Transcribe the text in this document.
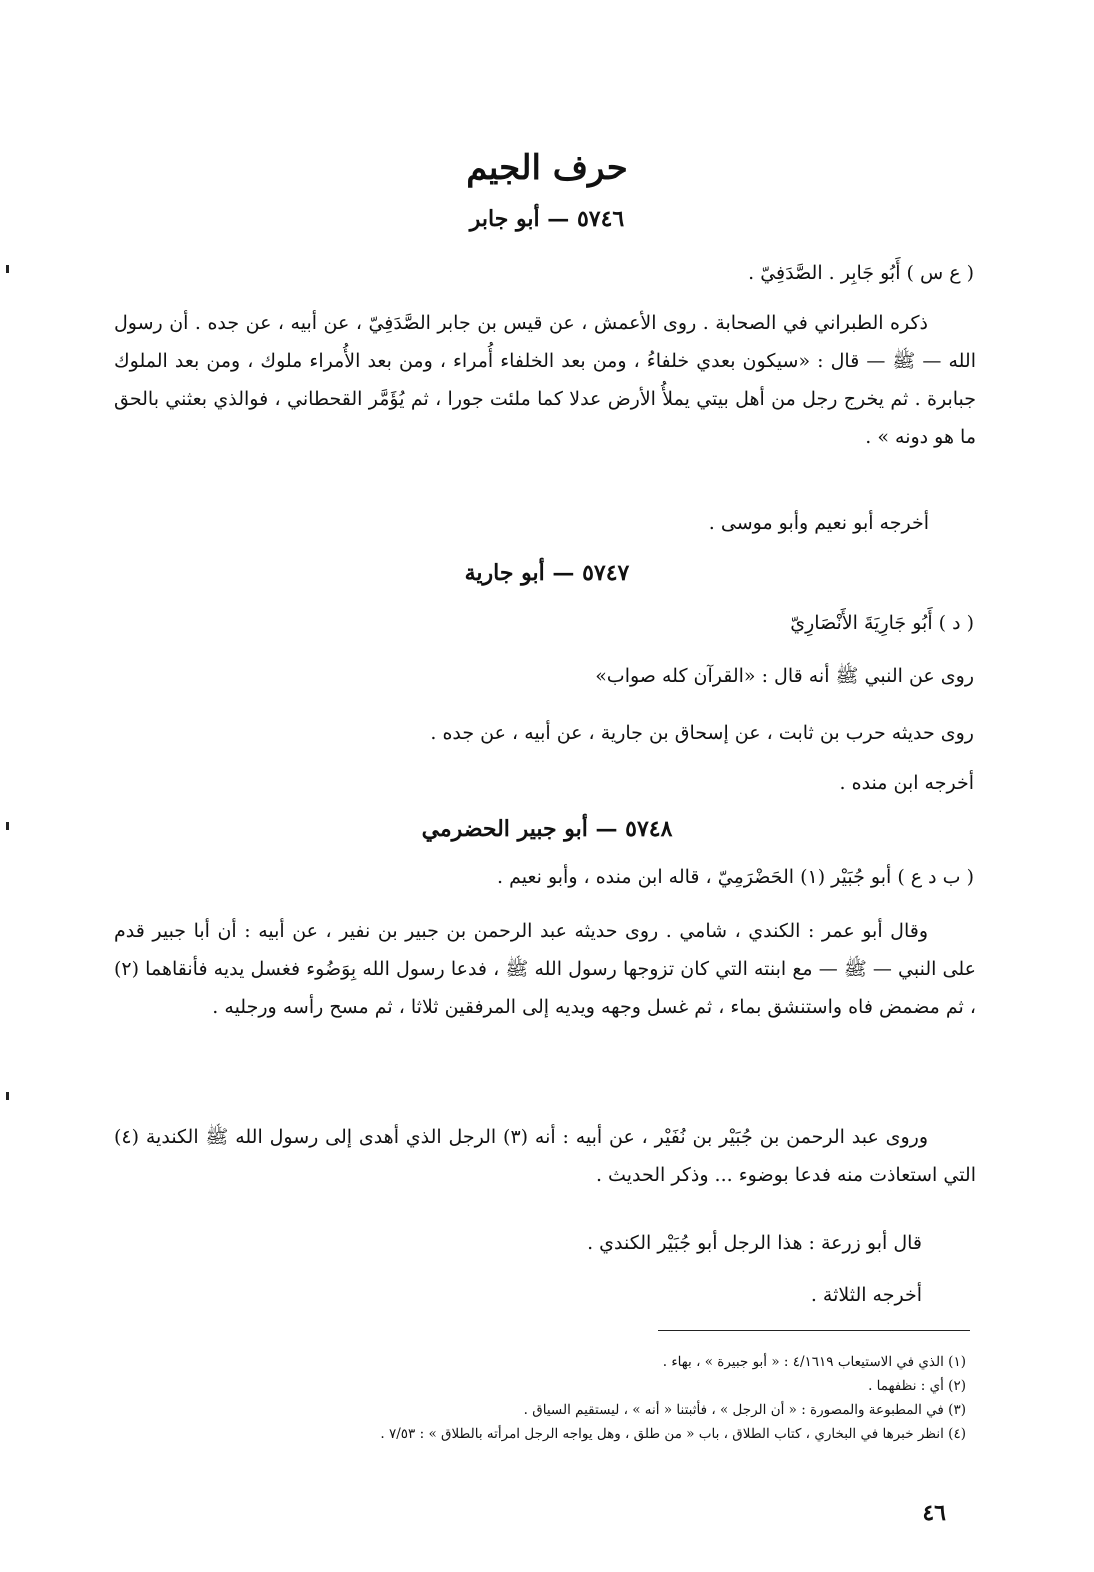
حرف الجيم
٥٧٤٦ — أبو جابر
( ع س ) أَبُو جَابِر . الصَّدَفِيّ .
ذكره الطبراني في الصحابة . روى الأعمش ، عن قيس بن جابر الصَّدَفِيّ ، عن أبيه ، عن جده . أن رسول الله — ﷺ — قال : «سيكون بعدي خلفاءُ ، ومن بعد الخلفاء أُمراء ، ومن بعد الأُمراء ملوك ، ومن بعد الملوك جبابرة . ثم يخرج رجل من أهل بيتي يملأُ الأرض عدلا كما ملئت جورا ، ثم يُؤَمَّر القحطاني ، فوالذي بعثني بالحق ما هو دونه » .
أخرجه أبو نعيم وأبو موسى .
٥٧٤٧ — أبو جارية
( د ) أَبُو جَارِيَةَ الأَنْصَارِيّ
روى عن النبي ﷺ أنه قال : «القرآن كله صواب»
روى حديثه حرب بن ثابت ، عن إسحاق بن جارية ، عن أبيه ، عن جده .
أخرجه ابن منده .
٥٧٤٨ — أبو جبير الحضرمي
( ب د ع ) أبو جُبَيْر (١) الحَضْرَمِيّ ، قاله ابن منده ، وأبو نعيم .
وقال أبو عمر : الكندي ، شامي . روى حديثه عبد الرحمن بن جبير بن نفير ، عن أبيه : أن أبا جبير قدم على النبي — ﷺ — مع ابنته التي كان تزوجها رسول الله ﷺ ، فدعا رسول الله بِوَضُوء فغسل يديه فأنقاهما (٢) ، ثم مضمض فاه واستنشق بماء ، ثم غسل وجهه ويديه إلى المرفقين ثلاثا ، ثم مسح رأسه ورجليه .
وروى عبد الرحمن بن جُبَيْر بن نُفَيْر ، عن أبيه : أنه (٣) الرجل الذي أهدى إلى رسول الله ﷺ الكندية (٤) التي استعاذت منه فدعا بوضوء ... وذكر الحديث .
قال أبو زرعة : هذا الرجل أبو جُبَيْر الكندي .
أخرجه الثلاثة .
(١) الذي في الاستيعاب ٤/١٦١٩ : « أبو جبيرة » ، بهاء .
(٢) أي : نظفهما .
(٣) في المطبوعة والمصورة : « أن الرجل » ، فأثبتنا « أنه » ، ليستقيم السياق .
(٤) انظر خبرها في البخاري ، كتاب الطلاق ، باب « من طلق ، وهل يواجه الرجل امرأته بالطلاق » : ٧/٥٣ .
٤٦
